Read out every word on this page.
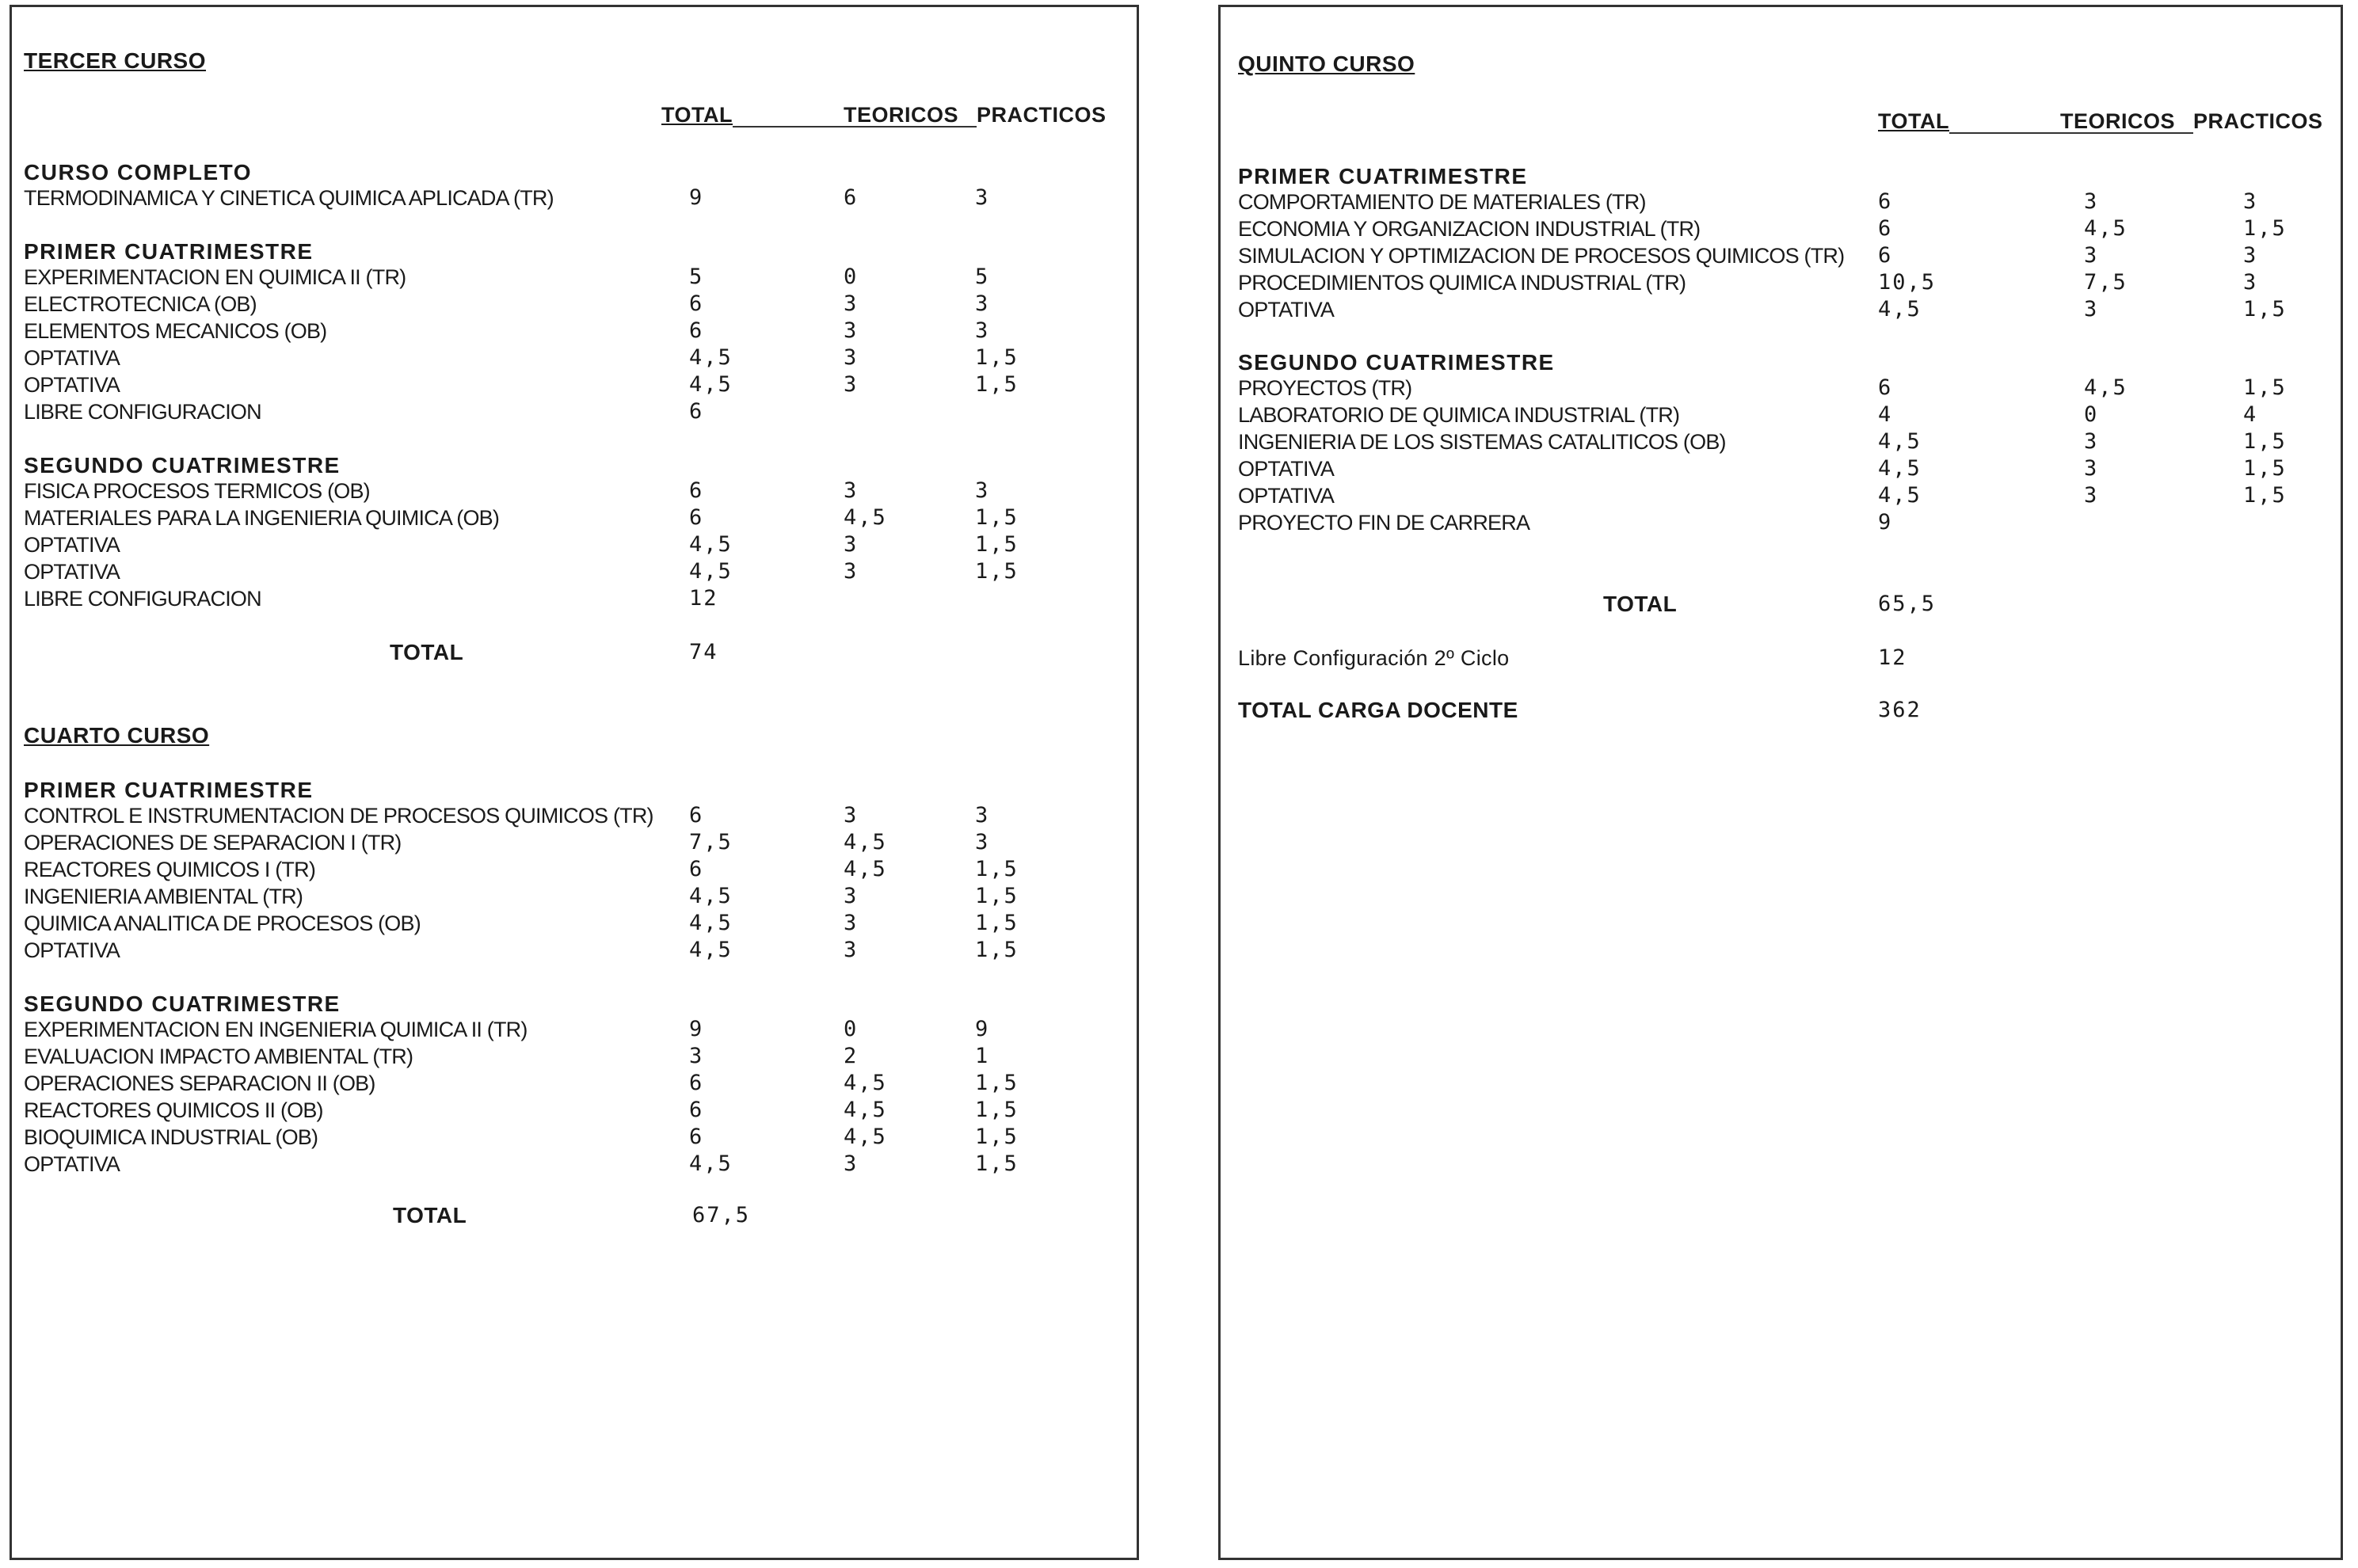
TERCER CURSO
TOTAL	TEORICOS PRACTICOS
CURSO COMPLETO
TERMODINAMICA Y CINETICA QUIMICA APLICADA (TR)	9	6	3
PRIMER CUATRIMESTRE
EXPERIMENTACION EN QUIMICA II (TR)	5	0	5
ELECTROTECNICA (OB)	6	3	3
ELEMENTOS MECANICOS (OB)	6	3	3
OPTATIVA	4,5	3	1,5
OPTATIVA	4,5	3	1,5
LIBRE CONFIGURACION	6
SEGUNDO CUATRIMESTRE
FISICA PROCESOS TERMICOS (OB)	6	3	3
MATERIALES PARA LA INGENIERIA QUIMICA (OB)	6	4,5	1,5
OPTATIVA	4,5	3	1,5
OPTATIVA	4,5	3	1,5
LIBRE CONFIGURACION	12
TOTAL	74
CUARTO CURSO
PRIMER CUATRIMESTRE
CONTROL E INSTRUMENTACION DE PROCESOS QUIMICOS (TR) 6	3	3
OPERACIONES DE SEPARACION I (TR)	7,5	4,5	3
REACTORES QUIMICOS I (TR)	6	4,5	1,5
INGENIERIA AMBIENTAL (TR)	4,5	3	1,5
QUIMICA ANALITICA DE PROCESOS (OB)	4,5	3	1,5
OPTATIVA	4,5	3	1,5
SEGUNDO CUATRIMESTRE
EXPERIMENTACION EN INGENIERIA QUIMICA II (TR)	9	0	9
EVALUACION IMPACTO AMBIENTAL (TR)	3	2	1
OPERACIONES SEPARACION II (OB)	6	4,5	1,5
REACTORES QUIMICOS II (OB)	6	4,5	1,5
BIOQUIMICA INDUSTRIAL (OB)	6	4,5	1,5
OPTATIVA	4,5	3	1,5
TOTAL	67,5
QUINTO CURSO
TOTAL	TEORICOS PRACTICOS
PRIMER CUATRIMESTRE
COMPORTAMIENTO DE MATERIALES (TR)	6	3	3
ECONOMIA Y ORGANIZACION INDUSTRIAL (TR)	6	4,5	1,5
SIMULACION Y OPTIMIZACION DE PROCESOS QUIMICOS (TR) 6	3	3
PROCEDIMIENTOS QUIMICA INDUSTRIAL (TR)	10,5	7,5	3
OPTATIVA	4,5	3	1,5
SEGUNDO CUATRIMESTRE
PROYECTOS (TR)	6	4,5	1,5
LABORATORIO DE QUIMICA INDUSTRIAL (TR)	4	0	4
INGENIERIA DE LOS SISTEMAS CATALITICOS (OB)	4,5	3	1,5
OPTATIVA	4,5	3	1,5
OPTATIVA	4,5	3	1,5
PROYECTO FIN DE CARRERA	9
TOTAL	65,5
Libre Configuración 2º Ciclo	12
TOTAL CARGA DOCENTE	362
